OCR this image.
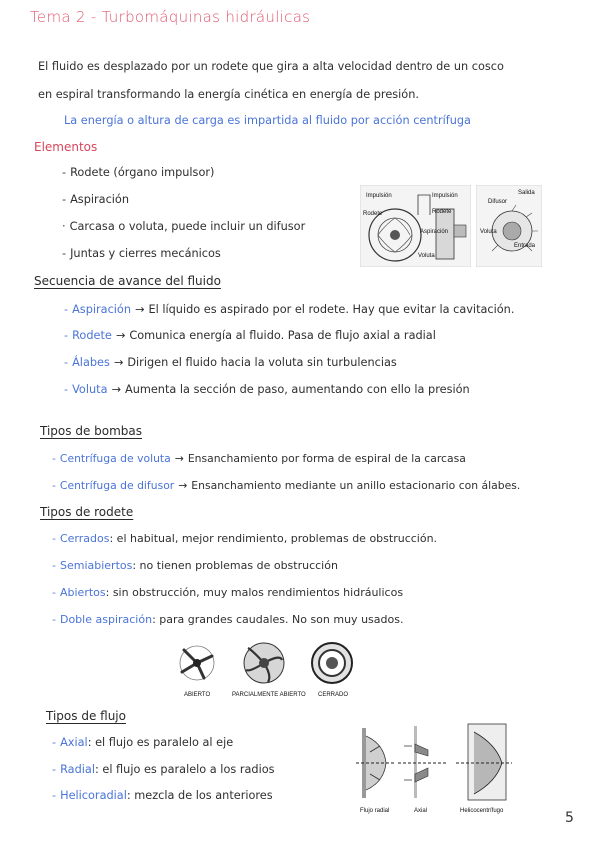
Tema 2 - Turbomáquinas hidráulicas
El fluido es desplazado por un rodete que gira a alta velocidad dentro de un cosco
en espiral transformando la energía cinética en energía de presión.
La energía o altura de carga es impartida al fluido por acción centrífuga
Elementos
- Rodete (órgano impulsor)
- Aspiración
· Carcasa o voluta, puede incluir un difusor
- Juntas y cierres mecánicos
Impulsión
Rodete
Aspiración
Voluta
Impulsión
Rodete
Salida
Difusor
Voluta
Entrada
Secuencia de avance del fluido
- Aspiración → El líquido es aspirado por el rodete. Hay que evitar la cavitación.
- Rodete → Comunica energía al fluido. Pasa de flujo axial a radial
- Álabes → Dirigen el fluido hacia la voluta sin turbulencias
- Voluta → Aumenta la sección de paso, aumentando con ello la presión
Tipos de bombas
- Centrífuga de voluta → Ensanchamiento por forma de espiral de la carcasa
- Centrífuga de difusor → Ensanchamiento mediante un anillo estacionario con álabes.
Tipos de rodete
- Cerrados: el habitual, mejor rendimiento, problemas de obstrucción.
- Semiabiertos: no tienen problemas de obstrucción
- Abiertos: sin obstrucción, muy malos rendimientos hidráulicos
- Doble aspiración: para grandes caudales. No son muy usados.
ABIERTO	PARCIALMENTE ABIERTO CERRADO
Tipos de flujo
- Axial: el flujo es paralelo al eje
- Radial: el flujo es paralelo a los radios
- Helicoradial: mezcla de los anteriores
Flujo radial	Axial	Helicocentrífugo	5
